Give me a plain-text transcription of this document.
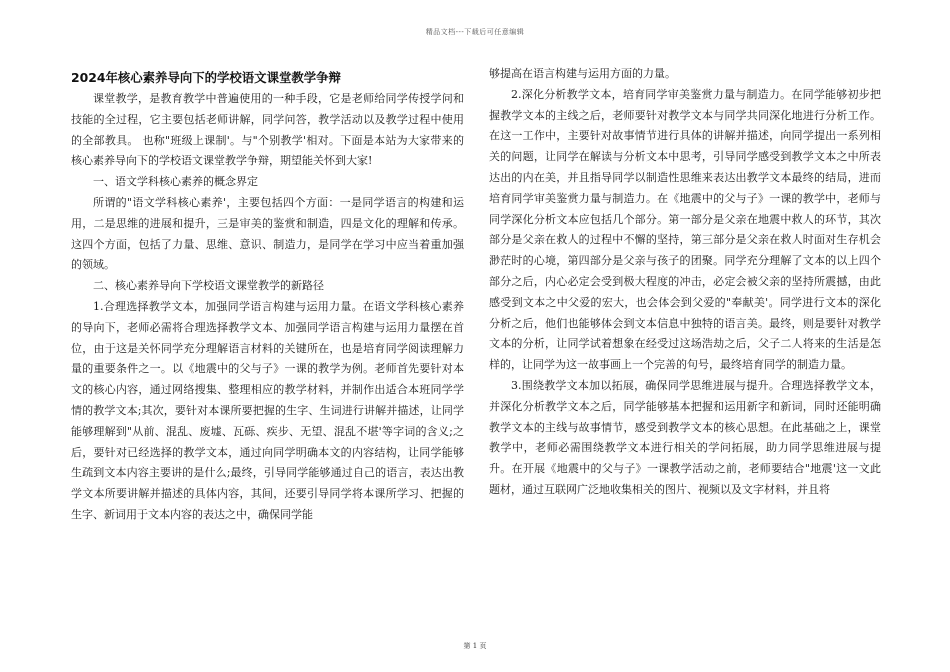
精品文档---下载后可任意编辑
2024年核心素养导向下的学校语文课堂教学争辩

课堂教学，是教育教学中普遍使用的一种手段，它是老师给同学传授学问和技能的全过程，它主要包括老师讲解，同学问答，教学活动以及教学过程中使用的全部教具。 也称"班级上课制'。与"个别教学'相对。下面是本站为大家带来的核心素养导向下的学校语文课堂教学争辩，期望能关怀到大家!

一、语文学科核心素养的概念界定

所谓的"语文学科核心素养'，主要包括四个方面：一是同学语言的构建和运用，二是思维的进展和提升，三是审美的鉴赏和制造，四是文化的理解和传承。这四个方面，包括了力量、思维、意识、制造力，是同学在学习中应当着重加强的领域。

二、核心素养导向下学校语文课堂教学的新路径

1.合理选择教学文本，加强同学语言构建与运用力量。在语文学科核心素养的导向下，老师必需将合理选择教学文本、加强同学语言构建与运用力量摆在首位，由于这是关怀同学充分理解语言材料的关键所在，也是培育同学阅读理解力量的重要条件之一。以《地震中的父与子》一课的教学为例。老师首先要针对本文的核心内容，通过网络搜集、整理相应的教学材料，并制作出适合本班同学学情的教学文本;其次，要针对本课所要把握的生字、生词进行讲解并描述，让同学能够理解到"从前、混乱、废墟、瓦砾、疾步、无望、混乱不堪'等字词的含义;之后，要针对已经选择的教学文本，通过向同学明确本文的内容结构，让同学能够生疏到文本内容主要讲的是什么;最终，引导同学能够通过自己的语言，表达出教学文本所要讲解并描述的具体内容，其间，还要引导同学将本课所学习、把握的生字、新词用于文本内容的表达之中，确保同学能

够提高在语言构建与运用方面的力量。

2.深化分析教学文本，培育同学审美鉴赏力量与制造力。在同学能够初步把握教学文本的主线之后，老师要针对教学文本与同学共同深化地进行分析工作。在这一工作中，主要针对故事情节进行具体的讲解并描述，向同学提出一系列相关的问题，让同学在解读与分析文本中思考，引导同学感受到教学文本之中所表达出的内在美，并且指导同学以制造性思维来表达出教学文本最终的结局，进而培育同学审美鉴赏力量与制造力。在《地震中的父与子》一课的教学中，老师与同学深化分析文本应包括几个部分。第一部分是父亲在地震中救人的环节，其次部分是父亲在救人的过程中不懈的坚持，第三部分是父亲在救人时面对生存机会渺茫时的心境，第四部分是父亲与孩子的团聚。同学充分理解了文本的以上四个部分之后，内心必定会受到极大程度的冲击，必定会被父亲的坚持所震撼，由此感受到文本之中父爱的宏大，也会体会到父爱的"奉献美'。同学进行文本的深化分析之后，他们也能够体会到文本信息中独特的语言美。最终，则是要针对教学文本的分析，让同学试着想象在经受过这场浩劫之后，父子二人将来的生活是怎样的，让同学为这一故事画上一个完善的句号，最终培育同学的制造力量。

3.围绕教学文本加以拓展，确保同学思维进展与提升。合理选择教学文本，并深化分析教学文本之后，同学能够基本把握和运用新字和新词，同时还能明确教学文本的主线与故事情节，感受到教学文本的核心思想。在此基础之上，课堂教学中，老师必需围绕教学文本进行相关的学问拓展，助力同学思维进展与提升。在开展《地震中的父与子》一课教学活动之前，老师要结合"地震'这一文此题材，通过互联网广泛地收集相关的图片、视频以及文字材料，并且将

第 1 页
